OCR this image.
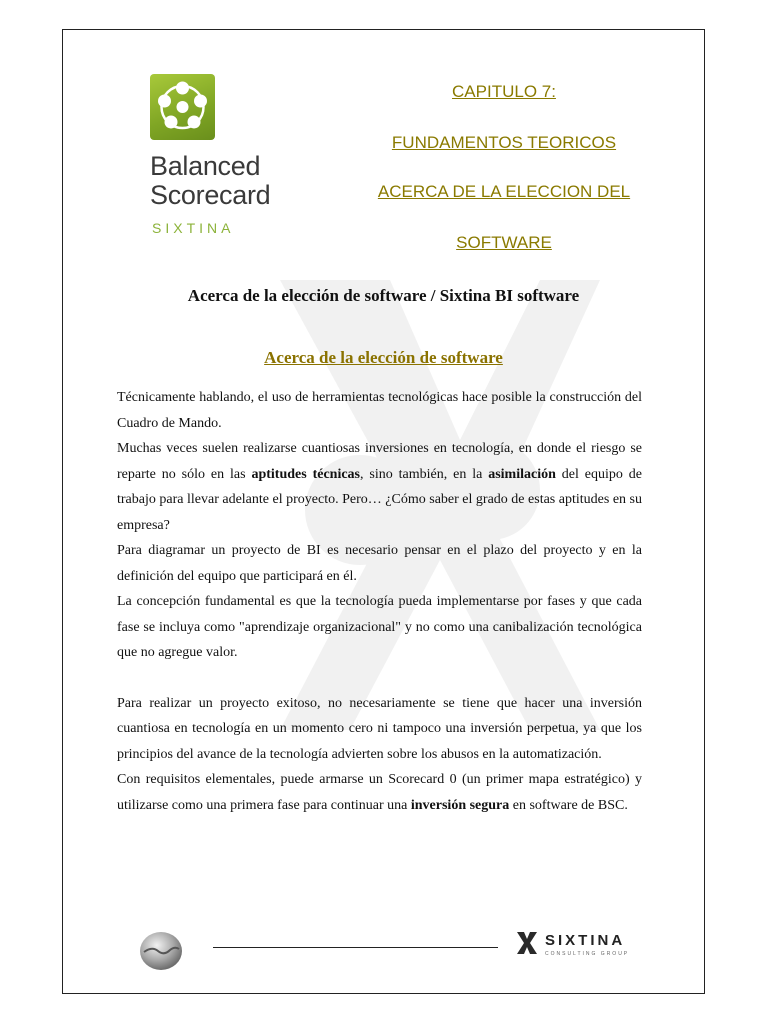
Balanced
Scorecard
SIXTINA
CAPITULO 7:
FUNDAMENTOS TEORICOS
ACERCA DE LA ELECCION DEL
SOFTWARE
Acerca de la elección de software / Sixtina BI software
Acerca de la elección de software

Técnicamente hablando, el uso de herramientas tecnológicas hace posible la construcción del Cuadro de Mando.

Muchas veces suelen realizarse cuantiosas inversiones en tecnología, en donde el riesgo se reparte no sólo en las aptitudes técnicas, sino también, en la asimilación del equipo de trabajo para llevar adelante el proyecto. Pero… ¿Cómo saber el grado de estas aptitudes en su empresa?

Para diagramar un proyecto de BI es necesario pensar en el plazo del proyecto y en la definición del equipo que participará en él.

La concepción fundamental es que la tecnología pueda implementarse por fases y que cada fase se incluya como "aprendizaje organizacional" y no como una canibalización tecnológica que no agregue valor.

Para realizar un proyecto exitoso, no necesariamente se tiene que hacer una inversión cuantiosa en tecnología en un momento cero ni tampoco una inversión perpetua, ya que los principios del avance de la tecnología advierten sobre los abusos en la automatización.

Con requisitos elementales, puede armarse un Scorecard 0 (un primer mapa estratégico) y utilizarse como una primera fase para continuar una inversión segura en software de BSC.

SIXTINA
CONSULTING GROUP
